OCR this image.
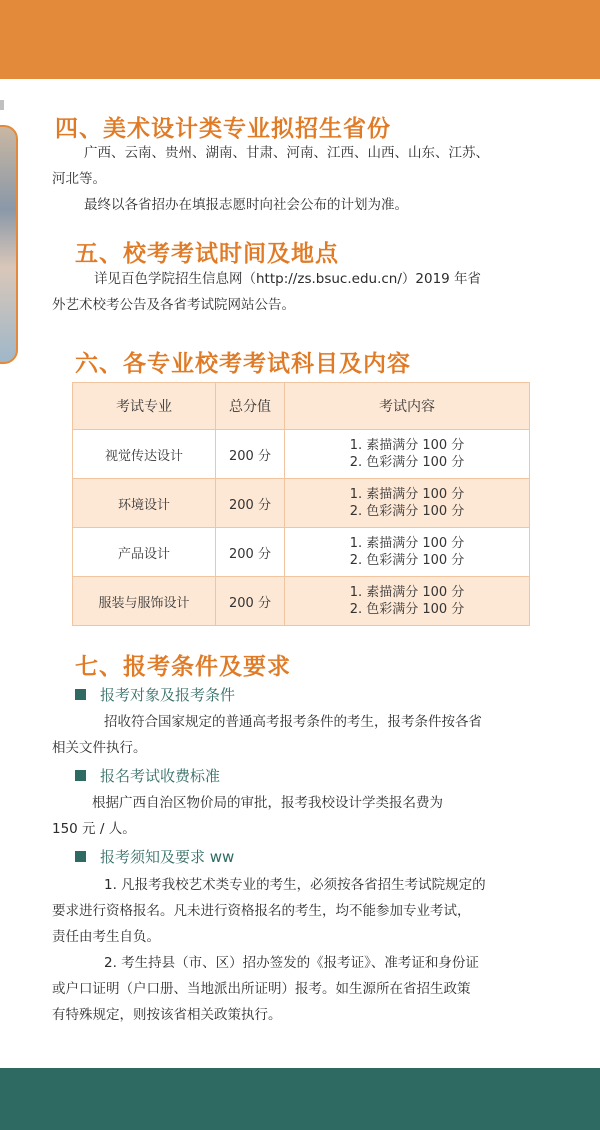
四、美术设计类专业拟招生省份
广西、云南、贵州、湖南、甘肃、河南、江西、山西、山东、江苏、
河北等。
最终以各省招办在填报志愿时向社会公布的计划为准。
五、校考考试时间及地点
详见百色学院招生信息网（http://zs.bsuc.edu.cn/）2019 年省
外艺术校考公告及各省考试院网站公告。
六、各专业校考考试科目及内容
考试专业	总分值	考试内容
视觉传达设计	200 分	1. 素描满分 100 分
2. 色彩满分 100 分

环境设计	200 分	1. 素描满分 100 分
2. 色彩满分 100 分

产品设计	200 分	1. 素描满分 100 分
2. 色彩满分 100 分

服装与服饰设计	200 分	1. 素描满分 100 分
2. 色彩满分 100 分
七、报考条件及要求
报考对象及报考条件
招收符合国家规定的普通高考报考条件的考生，报考条件按各省
相关文件执行。
报名考试收费标准
根据广西自治区物价局的审批，报考我校设计学类报名费为
150 元 / 人。
报考须知及要求 ww
1. 凡报考我校艺术类专业的考生，必须按各省招生考试院规定的
要求进行资格报名。凡未进行资格报名的考生，均不能参加专业考试，
责任由考生自负。
2. 考生持县（市、区）招办签发的《报考证》、准考证和身份证
或户口证明（户口册、当地派出所证明）报考。如生源所在省招生政策
有特殊规定，则按该省相关政策执行。
